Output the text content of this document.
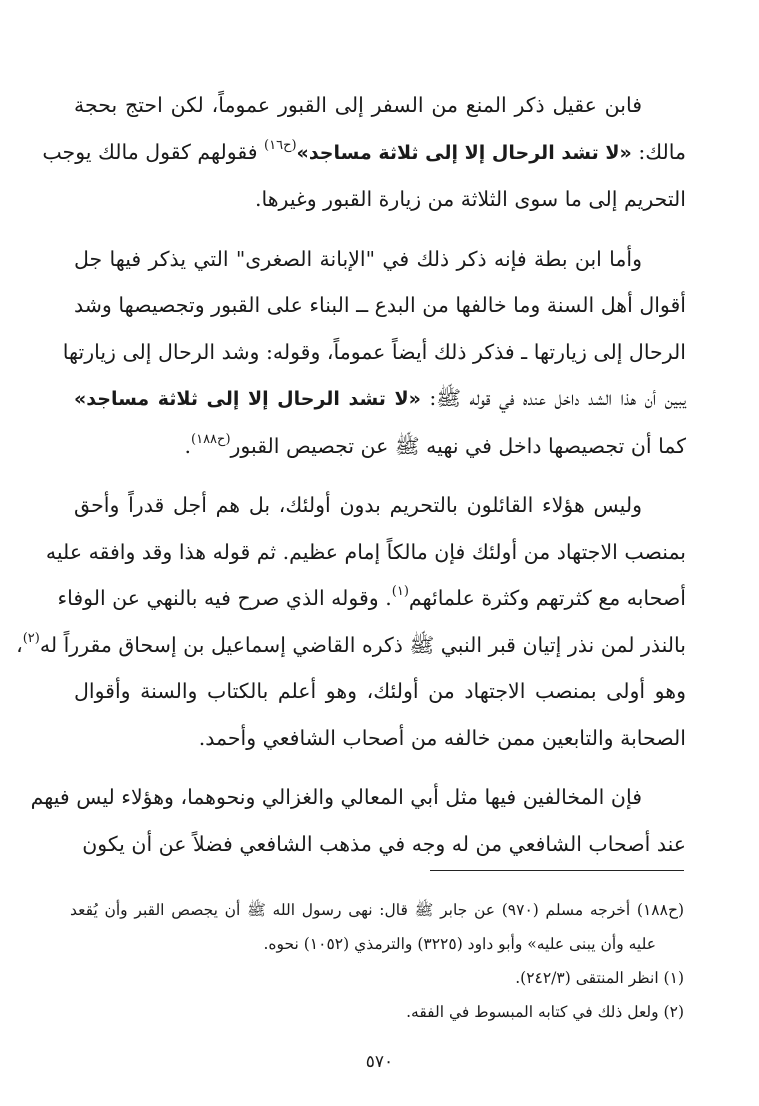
فابن عقيل ذكر المنع من السفر إلى القبور عموماً، لكن احتج بحجة
مالك: «لا تشد الرحال إلا إلى ثلاثة مساجد»$^{(ح١٦)}$ فقولهم كقول مالك يوجب
التحريم إلى ما سوى الثلاثة من زيارة القبور وغيرها.

وأما ابن بطة فإنه ذكر ذلك في "الإبانة الصغرى" التي يذكر فيها جل
أقوال أهل السنة وما خالفها من البدع ــ البناء على القبور وتجصيصها وشد
الرحال إلى زيارتها ـ فذكر ذلك أيضاً عموماً، وقوله: وشد الرحال إلى زيارتها
يبين أن هذا الشد داخل عنده في قوله ﷺ: «لا تشد الرحال إلا إلى ثلاثة مساجد»
كما أن تجصيصها داخل في نهيه ﷺ عن تجصيص القبور$^{(ح١٨٨)}$.

وليس هؤلاء القائلون بالتحريم بدون أولئك، بل هم أجل قدراً وأحق
بمنصب الاجتهاد من أولئك فإن مالكاً إمام عظيم. ثم قوله هذا وقد وافقه عليه
أصحابه مع كثرتهم وكثرة علمائهم$^{(١)}$. وقوله الذي صرح فيه بالنهي عن الوفاء
بالنذر لمن نذر إتيان قبر النبي ﷺ ذكره القاضي إسماعيل بن إسحاق مقرراً له$^{(٢)}$،
وهو أولى بمنصب الاجتهاد من أولئك، وهو أعلم بالكتاب والسنة وأقوال
الصحابة والتابعين ممن خالفه من أصحاب الشافعي وأحمد.

فإن المخالفين فيها مثل أبي المعالي والغزالي ونحوهما، وهؤلاء ليس فيهم
عند أصحاب الشافعي من له وجه في مذهب الشافعي فضلاً عن أن يكون

(ح١٨٨) أخرجه مسلم (٩٧٠) عن جابر ﷺ قال: نهى رسول الله ﷺ أن يجصص القبر وأن يُقعد
عليه وأن يبنى عليه» وأبو داود (٣٢٢٥) والترمذي (١٠٥٢) نحوه.
(١) انظر المنتقى (٢٤٢/٣).
(٢) ولعل ذلك في كتابه المبسوط في الفقه.
٥٧٠
